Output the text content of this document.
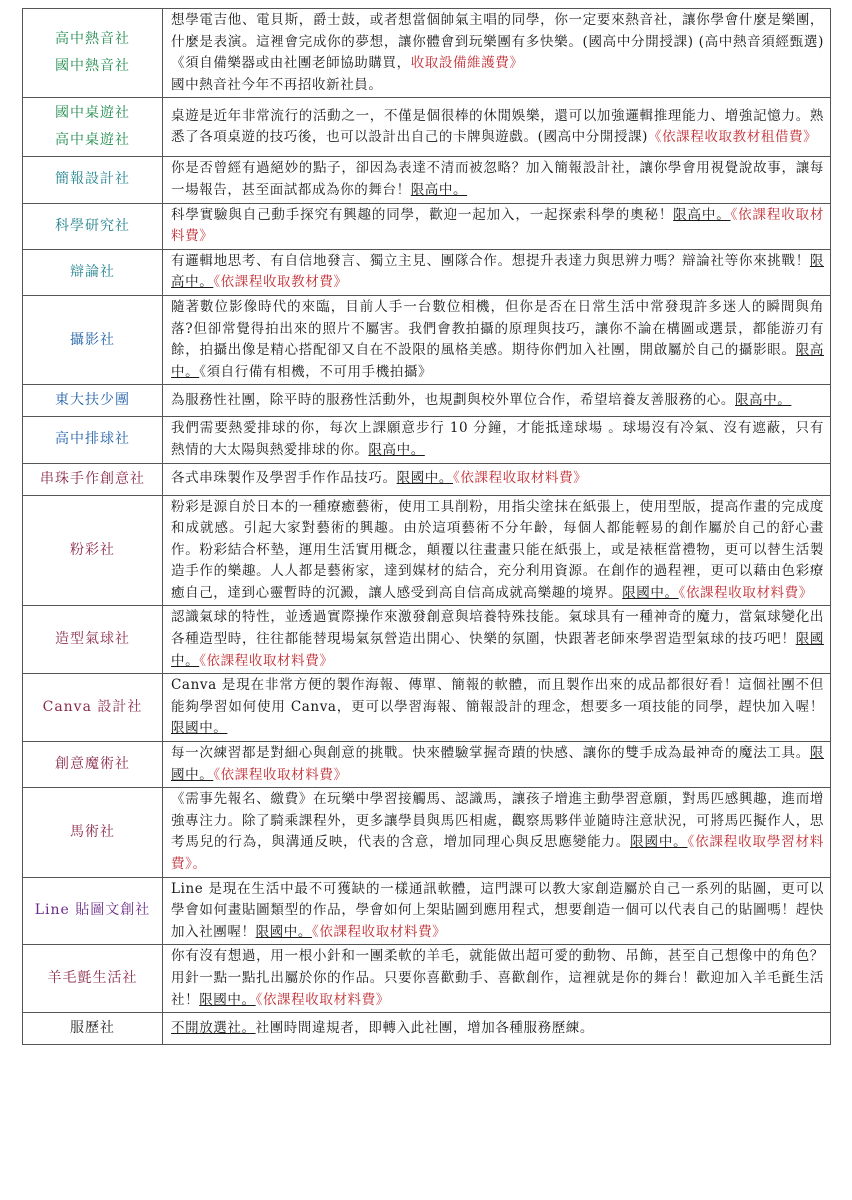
高中熱音社
國中熱音社	想學電吉他、電貝斯，爵士鼓，或者想當個帥氣主唱的同學，你一定要來熱音社，讓你學會什麼是樂團，什麼是表演。這裡會完成你的夢想，讓你體會到玩樂團有多快樂。(國高中分開授課) (高中熱音須經甄選)《須自備樂器或由社團老師協助購買，收取設備維護費》
國中熱音社今年不再招收新社員。

國中桌遊社
高中桌遊社	桌遊是近年非常流行的活動之一，不僅是個很棒的休閒娛樂，還可以加強邏輯推理能力、增強記憶力。熟悉了各項桌遊的技巧後，也可以設計出自己的卡牌與遊戲。(國高中分開授課)《依課程收取教材租借費》

簡報設計社	你是否曾經有過絕妙的點子，卻因為表達不清而被忽略？加入簡報設計社，讓你學會用視覺說故事，讓每一場報告，甚至面試都成為你的舞台！限高中。

科學研究社	科學實驗與自己動手探究有興趣的同學，歡迎一起加入，一起探索科學的奧秘！限高中。《依課程收取材料費》

辯論社	有邏輯地思考、有自信地發言、獨立主見、團隊合作。想提升表達力與思辨力嗎？辯論社等你來挑戰！限高中。《依課程收取教材費》

攝影社	隨著數位影像時代的來臨，目前人手一台數位相機，但你是否在日常生活中常發現許多迷人的瞬間與角落?但卻常覺得拍出來的照片不屬害。我們會教拍攝的原理與技巧，讓你不論在構圖或選景，都能游刃有餘，拍攝出像是精心搭配卻又自在不設限的風格美感。期待你們加入社團，開啟屬於自己的攝影眼。限高中。《須自行備有相機，不可用手機拍攝》

東大扶少團	為服務性社團，除平時的服務性活動外，也規劃與校外單位合作，希望培養友善服務的心。限高中。

高中排球社	我們需要熱愛排球的你，每次上課願意步行 10 分鐘，才能抵達球場 。球場沒有冷氣、沒有遮蔽，只有熱情的大太陽與熱愛排球的你。限高中。

串珠手作創意社	各式串珠製作及學習手作作品技巧。限國中。《依課程收取材料費》

粉彩社	粉彩是源自於日本的一種療癒藝術，使用工具削粉，用指尖塗抹在紙張上，使用型版，提高作畫的完成度和成就感。引起大家對藝術的興趣。由於這項藝術不分年齡，每個人都能輕易的創作屬於自己的舒心畫作。粉彩結合杯墊，運用生活實用概念，顛覆以往畫畫只能在紙張上，或是裱框當禮物，更可以替生活製造手作的樂趣。人人都是藝術家，達到媒材的結合，充分利用資源。在創作的過程裡，更可以藉由色彩療癒自己，達到心靈暫時的沉澱，讓人感受到高自信高成就高樂趣的境界。限國中。《依課程收取材料費》

造型氣球社	認識氣球的特性，並透過實際操作來激發創意與培養特殊技能。氣球具有一種神奇的魔力，當氣球變化出各種造型時，往往都能替現場氣氛營造出開心、快樂的氛圍，快跟著老師來學習造型氣球的技巧吧！限國中。《依課程收取材料費》

Canva 設計社	Canva 是現在非常方便的製作海報、傳單、簡報的軟體，而且製作出來的成品都很好看！這個社團不但能夠學習如何使用 Canva，更可以學習海報、簡報設計的理念，想要多一項技能的同學，趕快加入喔！限國中。

創意魔術社	每一次練習都是對細心與創意的挑戰。快來體驗掌握奇蹟的快感、讓你的雙手成為最神奇的魔法工具。限國中。《依課程收取材料費》

馬術社	《需事先報名、繳費》在玩樂中學習接觸馬、認識馬，讓孩子增進主動學習意願，對馬匹感興趣，進而增強專注力。除了騎乘課程外，更多讓學員與馬匹相處，觀察馬夥伴並隨時注意狀況，可將馬匹擬作人，思考馬兒的行為，與溝通反映，代表的含意，增加同理心與反思應變能力。限國中。《依課程收取學習材料費》。

Line 貼圖文創社	Line 是現在生活中最不可獲缺的一樣通訊軟體，這門課可以教大家創造屬於自己一系列的貼圖，更可以學會如何畫貼圖類型的作品，學會如何上架貼圖到應用程式，想要創造一個可以代表自己的貼圖嗎！趕快加入社團喔！限國中。《依課程收取材料費》

羊毛氈生活社	你有沒有想過，用一根小針和一團柔軟的羊毛，就能做出超可愛的動物、吊飾，甚至自己想像中的角色？用針一點一點扎出屬於你的作品。只要你喜歡動手、喜歡創作，這裡就是你的舞台！歡迎加入羊毛氈生活社！限國中。《依課程收取材料費》

服歷社	不開放選社。社團時間違規者，即轉入此社團，增加各種服務歷練。
